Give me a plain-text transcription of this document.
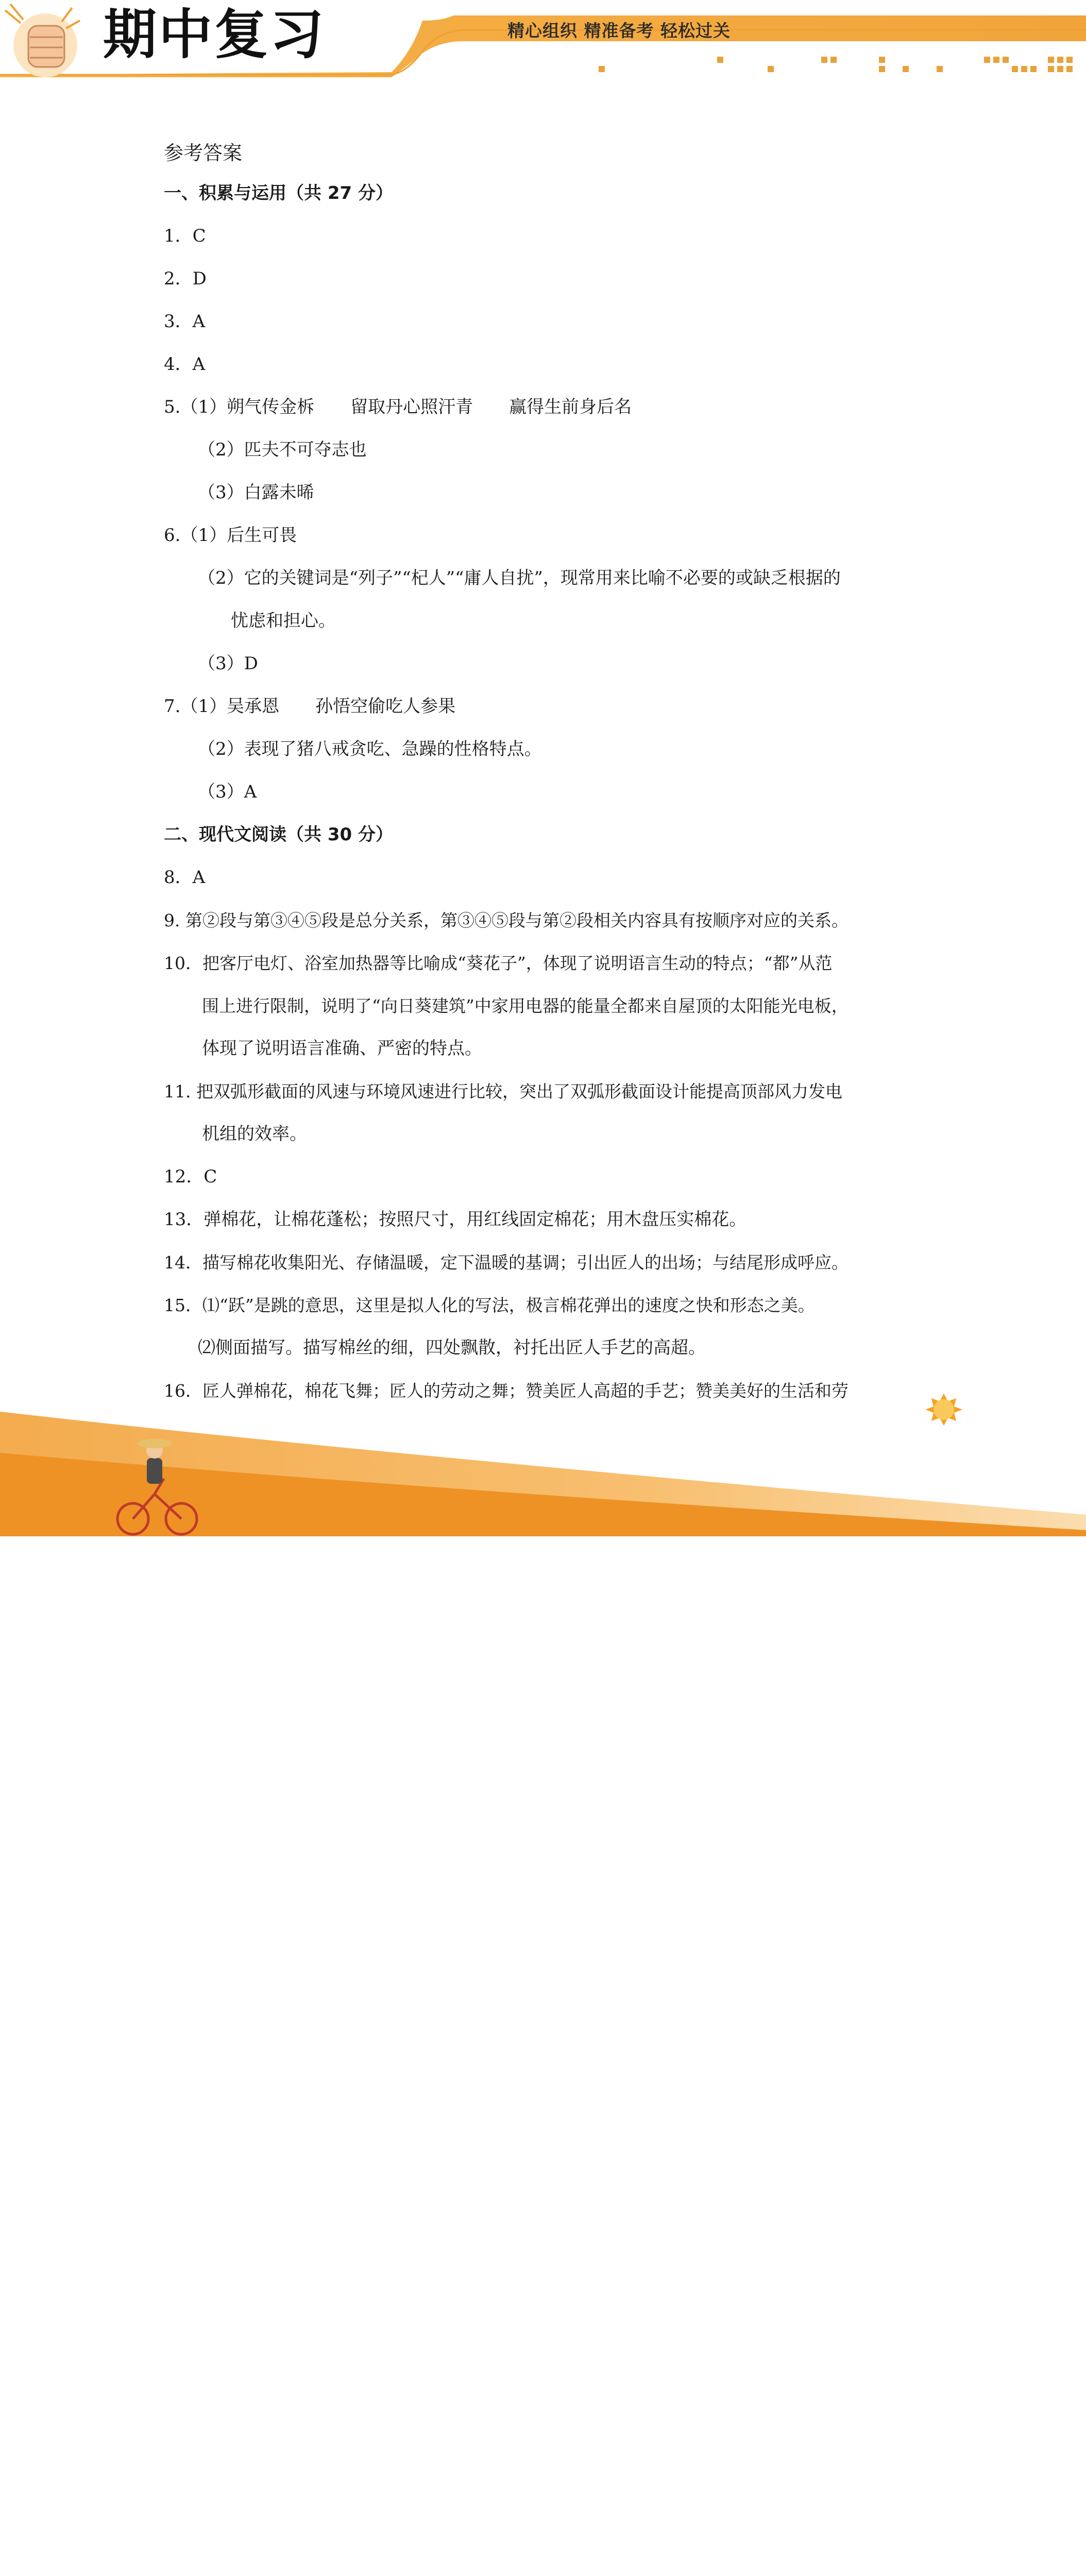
期中复习	精心组织 精准备考 轻松过关
参考答案
一、积累与运用（共 27 分）
1．C
2．D
3．A
4．A
5.（1）朔气传金柝 留取丹心照汗青 赢得生前身后名
（2）匹夫不可夺志也
（3）白露未晞
6.（1）后生可畏
（2）它的关键词是“列子”“杞人”“庸人自扰”，现常用来比喻不必要的或缺乏根据的
忧虑和担心。
（3）D
7.（1）吴承恩 孙悟空偷吃人参果
（2）表现了猪八戒贪吃、急躁的性格特点。
（3）A
二、现代文阅读（共 30 分）
8．A
9. 第②段与第③④⑤段是总分关系，第③④⑤段与第②段相关内容具有按顺序对应的关系。
10．把客厅电灯、浴室加热器等比喻成“葵花子”，体现了说明语言生动的特点；“都”从范
围上进行限制，说明了“向日葵建筑”中家用电器的能量全都来自屋顶的太阳能光电板，
体现了说明语言准确、严密的特点。
11. 把双弧形截面的风速与环境风速进行比较，突出了双弧形截面设计能提高顶部风力发电
机组的效率。
12．C
13．弹棉花，让棉花蓬松；按照尺寸，用红线固定棉花；用木盘压实棉花。
14．描写棉花收集阳光、存储温暖，定下温暖的基调；引出匠人的出场；与结尾形成呼应。
15．⑴“跃”是跳的意思，这里是拟人化的写法，极言棉花弹出的速度之快和形态之美。
⑵侧面描写。描写棉丝的细，四处飘散，衬托出匠人手艺的高超。
16．匠人弹棉花，棉花飞舞；匠人的劳动之舞；赞美匠人高超的手艺；赞美美好的生活和劳
